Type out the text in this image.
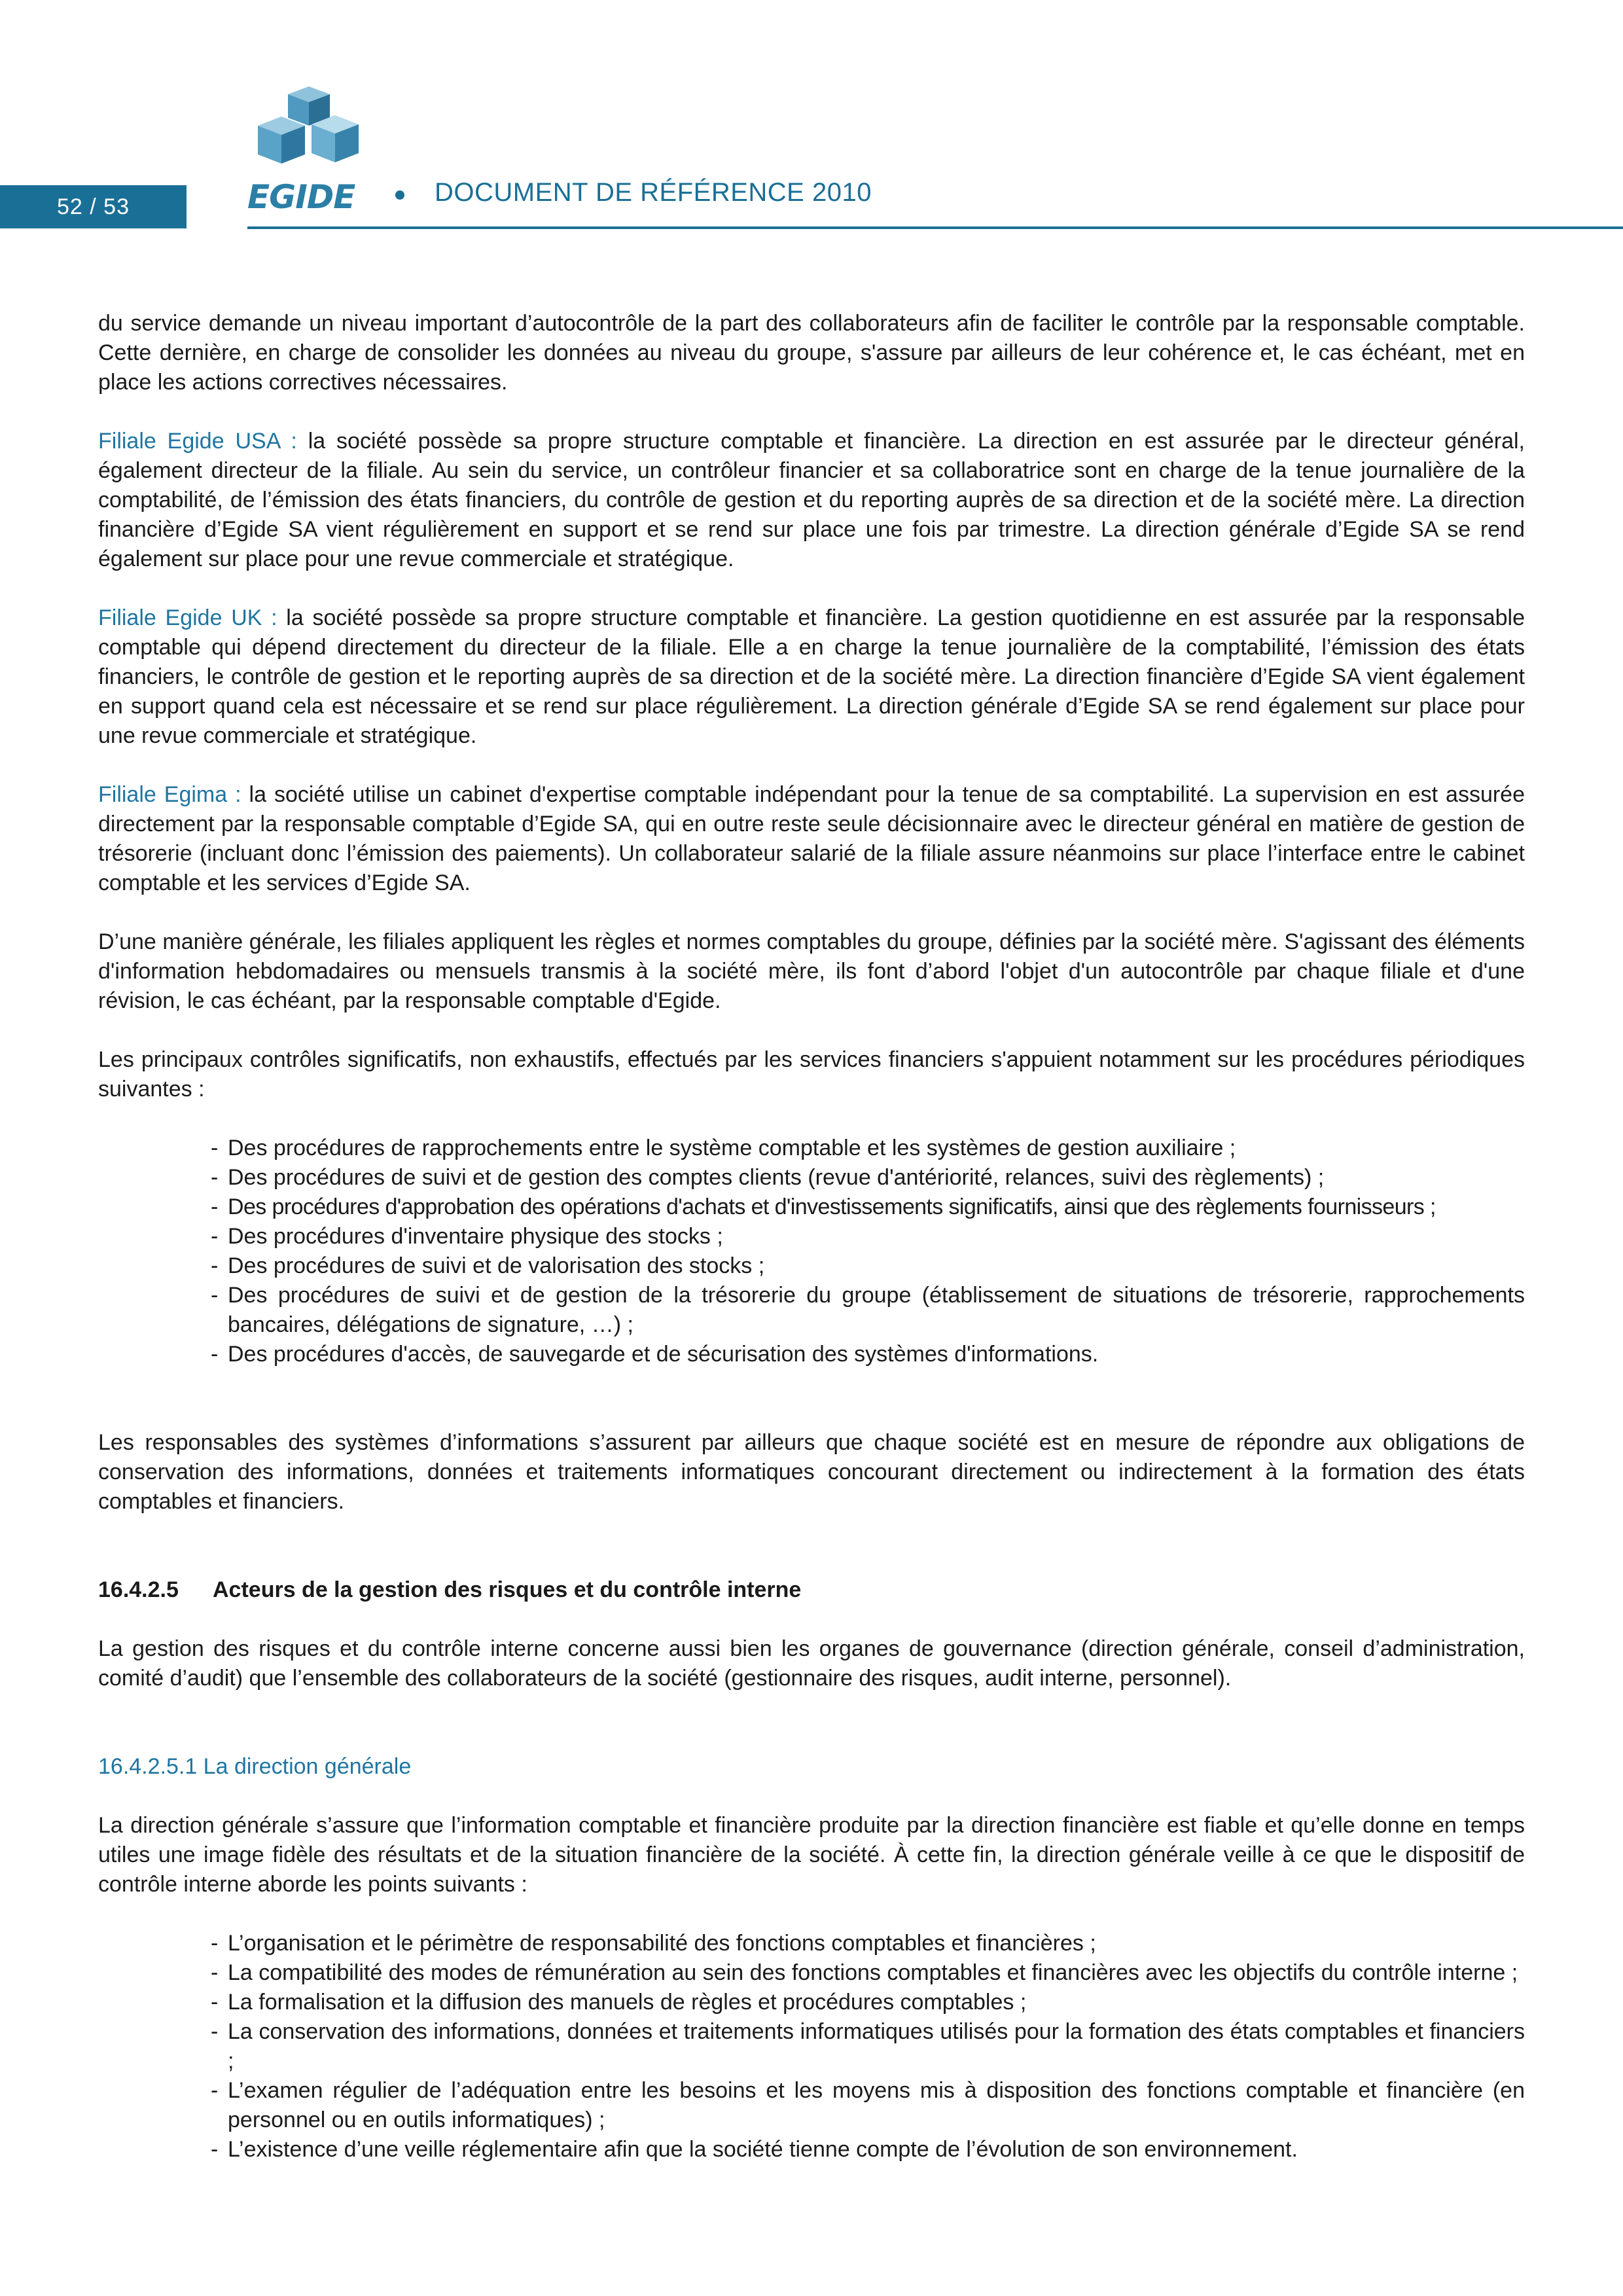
52 / 53	EGIDE	DOCUMENT DE RÉFÉRENCE 2010

du service demande un niveau important d’autocontrôle de la part des collaborateurs afin de faciliter le contrôle par la responsable comptable. Cette dernière, en charge de consolider les données au niveau du groupe, s'assure par ailleurs de leur cohérence et, le cas échéant, met en place les actions correctives nécessaires.

Filiale Egide USA : la société possède sa propre structure comptable et financière. La direction en est assurée par le directeur général, également directeur de la filiale. Au sein du service, un contrôleur financier et sa collaboratrice sont en charge de la tenue journalière de la comptabilité, de l’émission des états financiers, du contrôle de gestion et du reporting auprès de sa direction et de la société mère. La direction financière d’Egide SA vient régulièrement en support et se rend sur place une fois par trimestre. La direction générale d’Egide SA se rend également sur place pour une revue commerciale et stratégique.

Filiale Egide UK : la société possède sa propre structure comptable et financière. La gestion quotidienne en est assurée par la responsable comptable qui dépend directement du directeur de la filiale. Elle a en charge la tenue journalière de la comptabilité, l’émission des états financiers, le contrôle de gestion et le reporting auprès de sa direction et de la société mère. La direction financière d’Egide SA vient également en support quand cela est nécessaire et se rend sur place régulièrement. La direction générale d’Egide SA se rend également sur place pour une revue commerciale et stratégique.

Filiale Egima : la société utilise un cabinet d'expertise comptable indépendant pour la tenue de sa comptabilité. La supervision en est assurée directement par la responsable comptable d’Egide SA, qui en outre reste seule décisionnaire avec le directeur général en matière de gestion de trésorerie (incluant donc l’émission des paiements). Un collaborateur salarié de la filiale assure néanmoins sur place l’interface entre le cabinet comptable et les services d’Egide SA.

D’une manière générale, les filiales appliquent les règles et normes comptables du groupe, définies par la société mère. S'agissant des éléments d'information hebdomadaires ou mensuels transmis à la société mère, ils font d’abord l'objet d'un autocontrôle par chaque filiale et d'une révision, le cas échéant, par la responsable comptable d'Egide.

Les principaux contrôles significatifs, non exhaustifs, effectués par les services financiers s'appuient notamment sur les procédures périodiques suivantes :

- Des procédures de rapprochements entre le système comptable et les systèmes de gestion auxiliaire ;
- Des procédures de suivi et de gestion des comptes clients (revue d'antériorité, relances, suivi des règlements) ;
- Des procédures d'approbation des opérations d'achats et d'investissements significatifs, ainsi que des règlements fournisseurs ;
- Des procédures d'inventaire physique des stocks ;
- Des procédures de suivi et de valorisation des stocks ;
- Des procédures de suivi et de gestion de la trésorerie du groupe (établissement de situations de trésorerie, rapprochements bancaires, délégations de signature, …) ;
- Des procédures d'accès, de sauvegarde et de sécurisation des systèmes d'informations.

Les responsables des systèmes d’informations s’assurent par ailleurs que chaque société est en mesure de répondre aux obligations de conservation des informations, données et traitements informatiques concourant directement ou indirectement à la formation des états comptables et financiers.

16.4.2.5 Acteurs de la gestion des risques et du contrôle interne

La gestion des risques et du contrôle interne concerne aussi bien les organes de gouvernance (direction générale, conseil d’administration, comité d’audit) que l’ensemble des collaborateurs de la société (gestionnaire des risques, audit interne, personnel).

16.4.2.5.1 La direction générale

La direction générale s’assure que l’information comptable et financière produite par la direction financière est fiable et qu’elle donne en temps utiles une image fidèle des résultats et de la situation financière de la société. À cette fin, la direction générale veille à ce que le dispositif de contrôle interne aborde les points suivants :

- L’organisation et le périmètre de responsabilité des fonctions comptables et financières ;
- La compatibilité des modes de rémunération au sein des fonctions comptables et financières avec les objectifs du contrôle interne ;
- La formalisation et la diffusion des manuels de règles et procédures comptables ;
- La conservation des informations, données et traitements informatiques utilisés pour la formation des états comptables et financiers ;
- L’examen régulier de l’adéquation entre les besoins et les moyens mis à disposition des fonctions comptable et financière (en personnel ou en outils informatiques) ;
- L’existence d’une veille réglementaire afin que la société tienne compte de l’évolution de son environnement.
